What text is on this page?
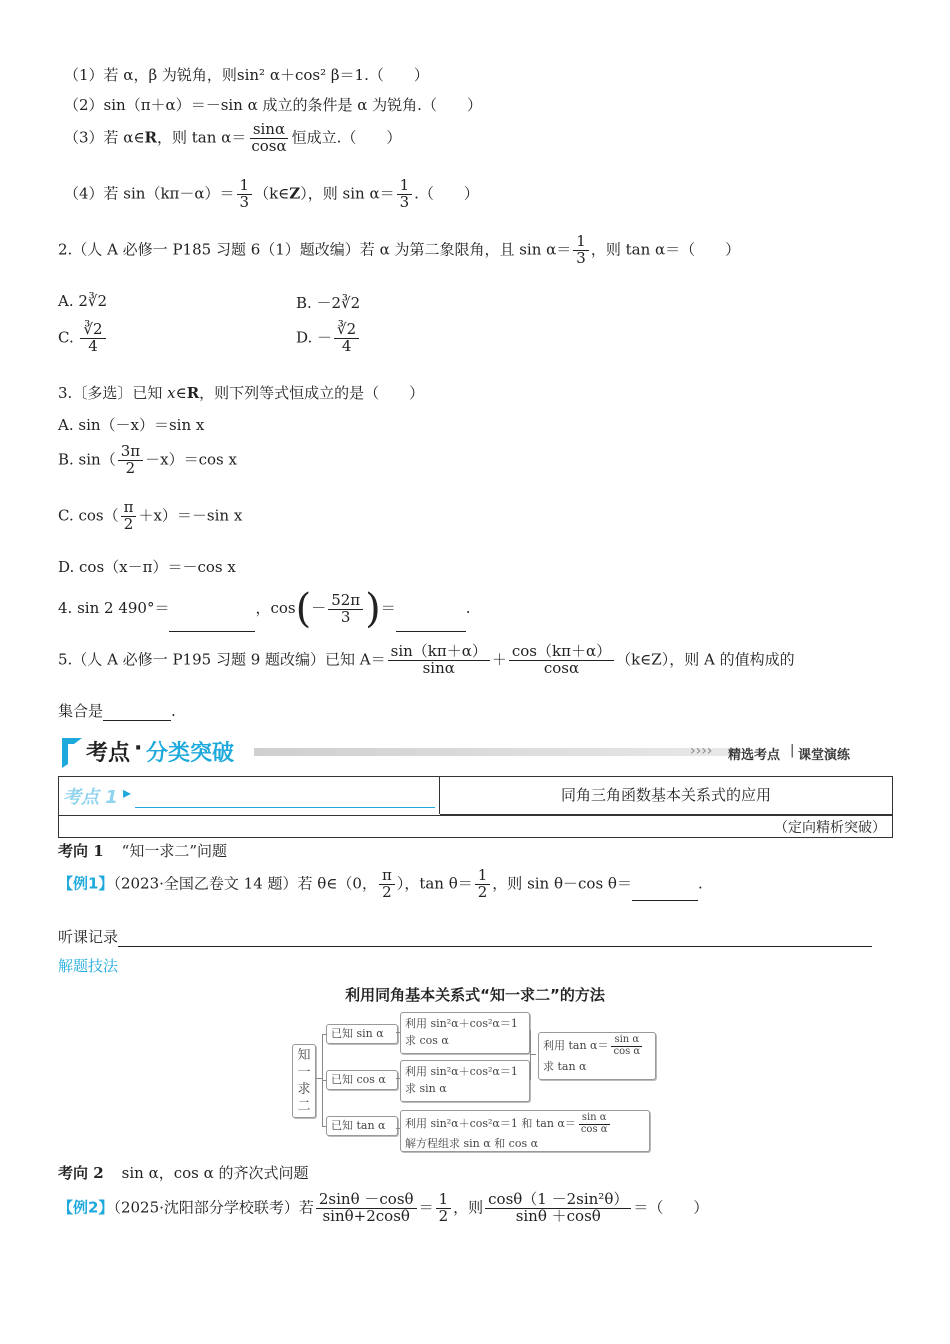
（1）若 α，β 为锐角，则sin² α＋cos² β＝1.（　　）
（2）sin（π＋α）＝－sin α 成立的条件是 α 为锐角.（　　）
（3）若 α∈R，则 $\tan \alpha= \frac{\sin\alpha}{\cos\alpha}$ 恒成立.（　　）
（4）若 $\sin(k\pi-\alpha)= \frac{1}{3}$ （k∈Z），则 $\sin \alpha= \frac{1}{3}$ .（　　）
2.（人 A 必修一 P185 习题 6（1）题改编）若 α 为第二象限角，且 $\sin \alpha= \frac{1}{3}$ ，则 tan α＝（　　）
A. 2∛2	B. －2∛2
C. $\frac{∛2}{4}$	D. － $\frac{∛2}{4}$
3.〔多选〕已知 x∈R，则下列等式恒成立的是（　　）
A. sin（－x）＝sin x
B. $\sin( \frac{3\pi}{2} -x)=\cos$ x
C. $\cos( \frac{\pi}{2} +x)=-\sin$ x
D. cos（x－π）＝－cos x
4. sin 2 490°＝	，$\cos(- \frac{52\pi}{3}$ )＝	.
5.（人 A 必修一 P195 习题 9 题改编）已知 $A= \frac{\sin(k\pi+\alpha)}{\sin\alpha} + \frac{\cos(k\pi+\alpha)}{\cos\alpha}$ （k∈Z），则 A 的值构成的
集合是	.
考点 · 分类突破	›››› 精选考点 | 课堂演练
考点 1 ▸	同角三角函数基本关系式的应用
（定向精析突破）
考向 1 “知一求二”问题
【例1】（2023·全国乙卷文 14 题）若 θ∈（0， $\frac{\pi}{2}$ ），$\tan \theta= \frac{1}{2}$ ，则 sin θ－cos θ＝	.
听课记录
解题技法
利用同角基本关系式“知一求二”的方法
知一求二
已知 sin α
已知 cos α
已知 tan α
利用 sin²α＋cos²α＝1
求 cos α
利用 sin²α＋cos²α＝1
求 sin α
利用 sin²α＋cos²α＝1 和 $\tan \alpha= \frac{\text{sin α}}{\text{cos α}}$
解方程组求 sin α 和 cos α
利用 $\tan \alpha= \frac{\text{sin α}}{\text{cos α}}$
求 tan α
考向 2 sin α，cos α 的齐次式问题
【例2】（2025·沈阳部分学校联考）若 $\frac{2\sin\theta -\cos\theta}{\sin\theta+2\cos\theta} = \frac{1}{2}$ ，则 $\frac{\text{cosθ（1 －2sin²θ）}}{\sin\theta +\cos\theta}$ ＝（　　）
